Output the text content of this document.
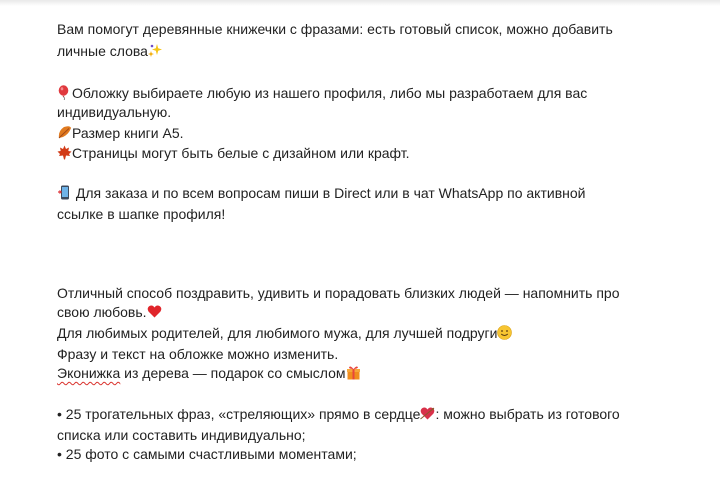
Вам помогут деревянные книжечки с фразами: есть готовый список, можно добавить
личные слова
Обложку выбираете любую из нашего профиля, либо мы разработаем для вас
индивидуальную.
Размер книги А5.
Страницы могут быть белые с дизайном или крафт.
Для заказа и по всем вопросам пиши в Direct или в чат WhatsApp по активной
ссылке в шапке профиля!
Отличный способ поздравить, удивить и порадовать близких людей — напомнить про
свою любовь.
Для любимых родителей, для любимого мужа, для лучшей подруги
Фразу и текст на обложке можно изменить.
Эконижка из дерева — подарок со смыслом
• 25 трогательных фраз, «стреляющих» прямо в сердце : можно выбрать из готового
списка или составить индивидуально;
• 25 фото с самыми счастливыми моментами;
